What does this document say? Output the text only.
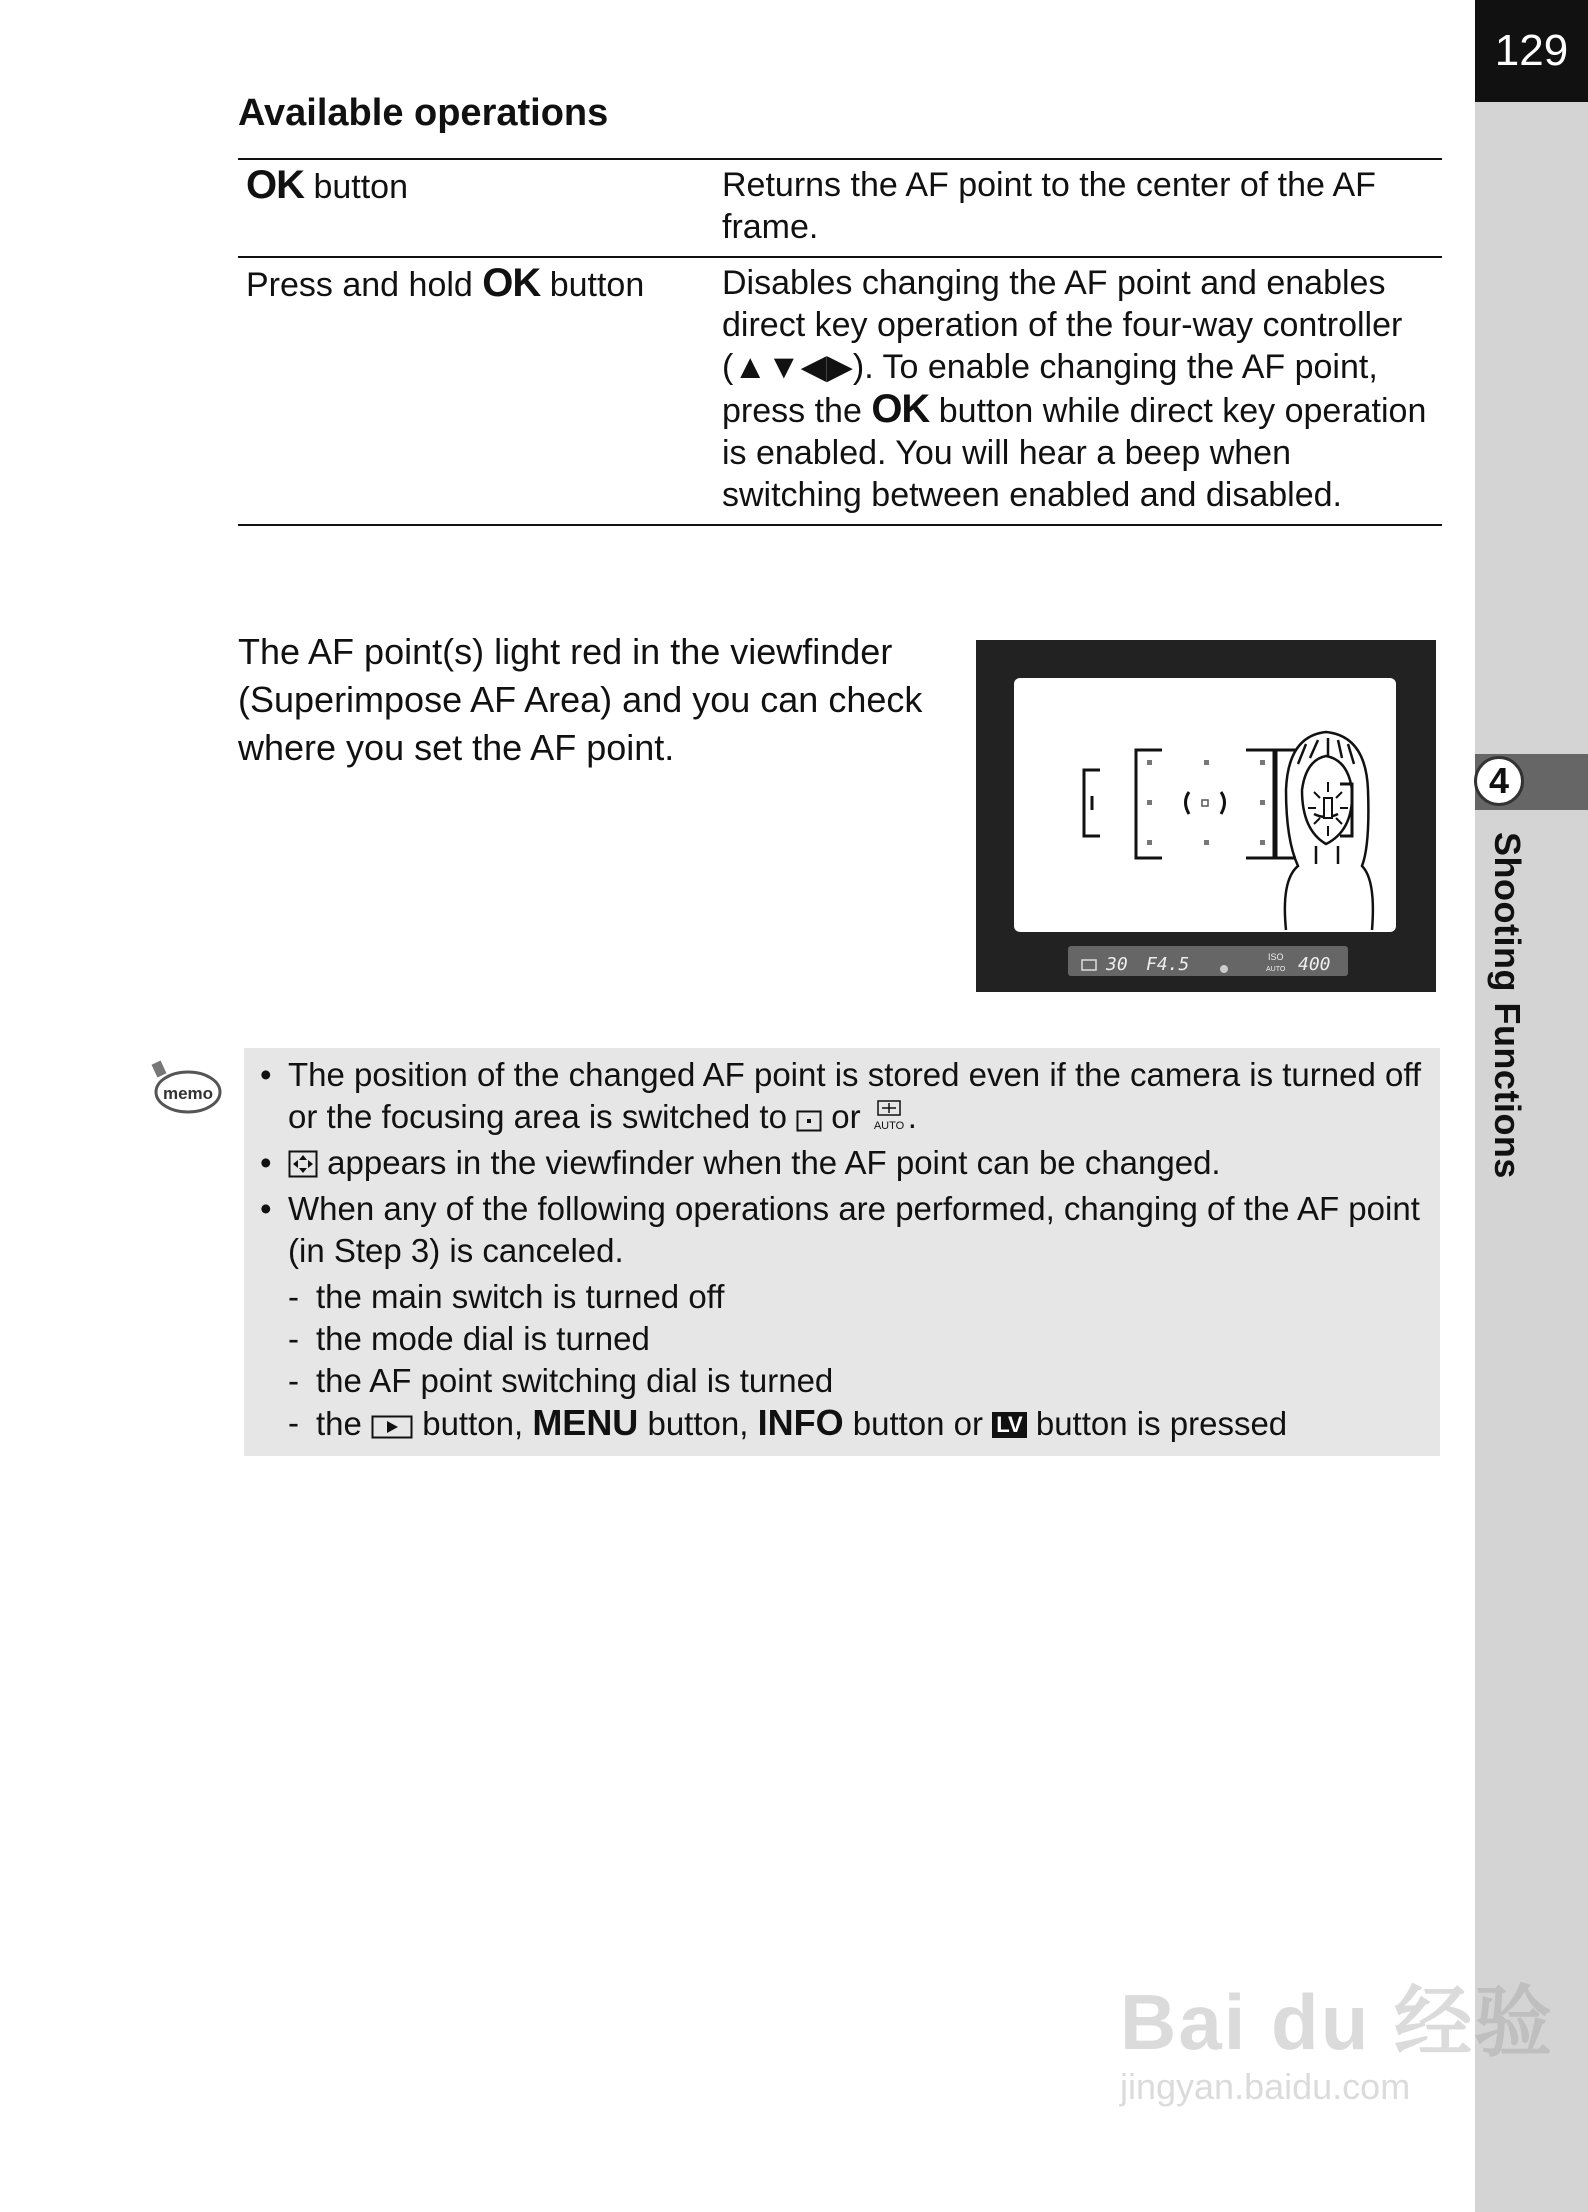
129
4
Shooting Functions
Available operations
OK button	Returns the AF point to the center of the AF frame.
Press and hold OK button	Disables changing the AF point and enables direct key operation of the four-way controller (▲▼◀▶). To enable changing the AF point, press the OK button while direct key operation is enabled. You will hear a beep when switching between enabled and disabled.
The AF point(s) light red in the viewfinder (Superimpose AF Area) and you can check where you set the AF point.
30 F4.5	ISO
AUTO 400
memo
• The position of the changed AF point is stored even if the camera is turned off or the focusing area is switched to  or AUTO .
• appears in the viewfinder when the AF point can be changed.
• When any of the following operations are performed, changing of the AF point (in Step 3) is canceled.
- the main switch is turned off
- the mode dial is turned
- the AF point switching dial is turned
- the  button, MENU button, INFO button or LV button is pressed
Bai du 经验
jingyan.baidu.com
